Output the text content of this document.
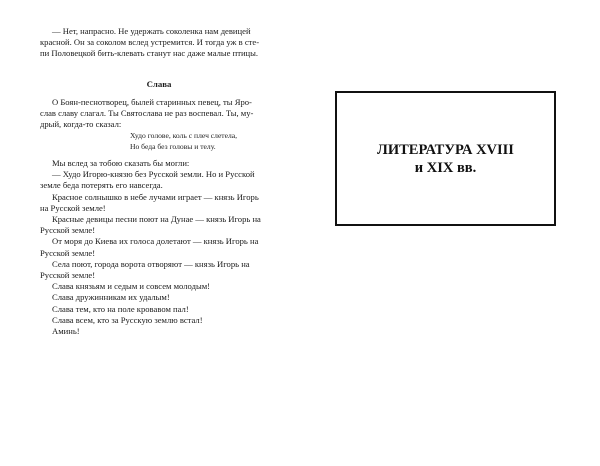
— Нет, напрасно. Не удержать соколенка нам девицей
красной. Он за соколом вслед устремится. И тогда уж в сте-
пи Половецкой бить-клевать станут нас даже малые птицы.
Слава
О Боян-песнотворец, былей старинных певец, ты Яро-
слав славу слагал. Ты Святослава не раз воспевал. Ты, му-
дрый, когда-то сказал:
Худо голове, коль с плеч слетела,
Но беда без головы и телу.
Мы вслед за тобою сказать бы могли:
— Худо Игорю-князю без Русской земли. Но и Русской
земле беда потерять его навсегда.
Красное солнышко в небе лучами играет — князь Игорь
на Русской земле!
Красные девицы песни поют на Дунае — князь Игорь на
Русской земле!
От моря до Киева их голоса долетают — князь Игорь на
Русской земле!
Села поют, города ворота отворяют — князь Игорь на
Русской земле!
Слава князьям и седым и совсем молодым!
Слава дружинникам их удалым!
Слава тем, кто на поле кровавом пал!
Слава всем, кто за Русскую землю встал!
Аминь!
ЛИТЕРАТУРА XVIII
и XIX вв.
